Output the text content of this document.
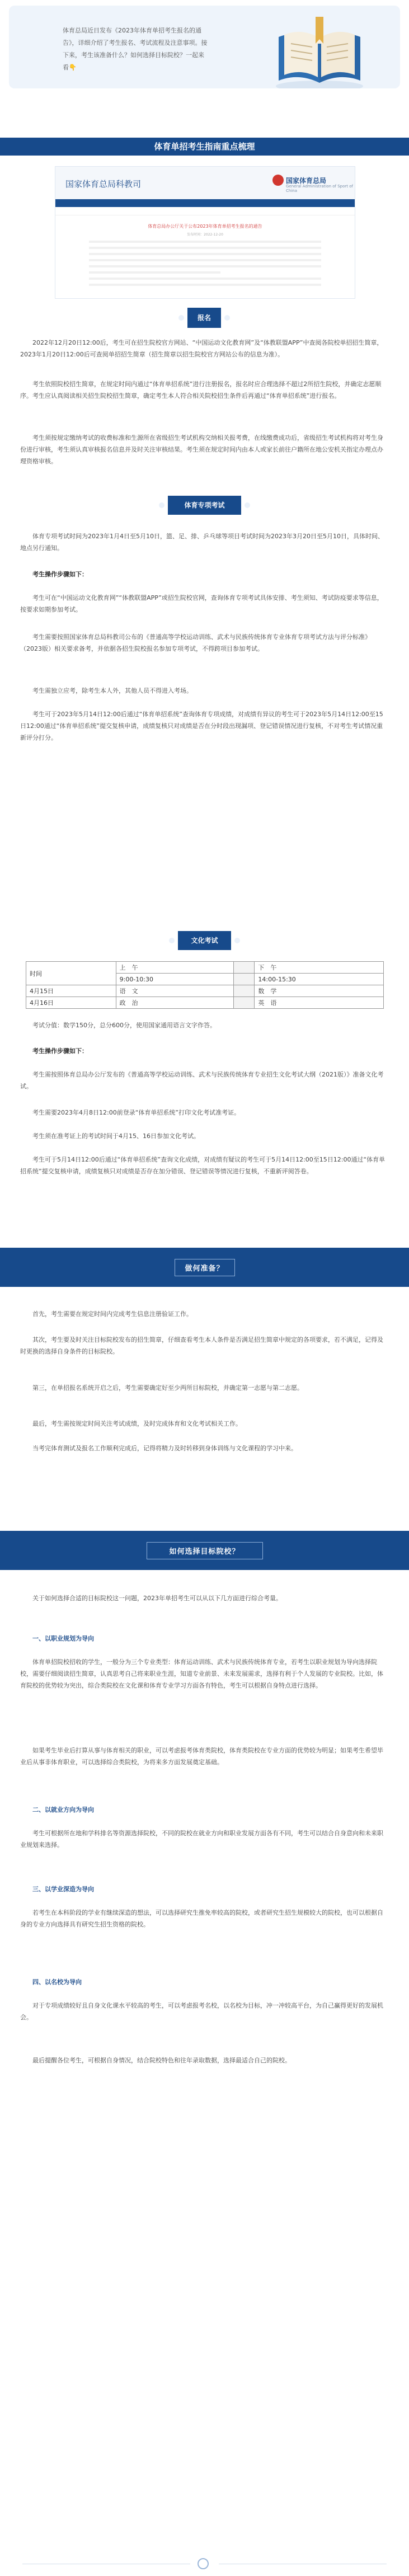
体育总局近日发布《2023年体育单招考生报名的通告》，详细介绍了考生报名、考试流程及注意事项。接下来，考生该准备什么？如何选择目标院校？一起来看👇
体育单招考生指南重点梳理
国家体育总局科教司	国家体育总局
General Administration of Sport of China
体育总局办公厅关于公布2023年体育单招考生报名的通告
发布时间：2022-12-20
报名

2022年12月20日12:00后，考生可在招生院校官方网站、“中国运动文化教育网”及“体教联盟APP”中查阅各院校单招招生简章，2023年1月20日12:00后可查阅单招招生简章（招生简章以招生院校官方网站公布的信息为准）。

考生依照院校招生简章，在规定时间内通过“体育单招系统”进行注册报名，报名时应合理选择不超过2所招生院校，并确定志愿顺序。考生应认真阅读相关招生院校招生简章，确定考生本人符合相关院校招生条件后再通过“体育单招系统”进行报名。

考生须按规定缴纳考试的收费标准和生源所在省级招生考试机构交纳相关报考费，在线缴费成功后，省级招生考试机构将对考生身份进行审核，考生须认真审核报名信息并及时关注审核结果。考生须在规定时间内由本人或家长前往户籍所在地公安机关指定办理点办理资格审核。

体育专项考试

体育专项考试时间为2023年1月4日至5月10日，篮、足、排、乒乓球等项目考试时间为2023年3月20日至5月10日，具体时间、地点另行通知。

考生操作步骤如下：

考生可在“中国运动文化教育网”“体教联盟APP”或招生院校官网，查询体育专项考试具体安排、考生须知、考试防疫要求等信息，按要求如期参加考试。

考生需要按照国家体育总局科教司公布的《普通高等学校运动训练、武术与民族传统体育专业体育专项考试方法与评分标准》（2023版）相关要求备考，并依据各招生院校报名参加专项考试，不得跨项目参加考试。

考生需独立应考，除考生本人外，其他人员不得进入考场。

考生可于2023年5月14日12:00后通过“体育单招系统”查询体育专项成绩，对成绩有异议的考生可于2023年5月14日12:00至15日12:00通过“体育单招系统”提交复核申请，成绩复核只对成绩是否在分时段出现漏项、登记错误情况进行复核，不对考生考试情况重新评分打分。

文化考试
时间	上　午		下　午
	9:00-10:30		14:00-15:30
4月15日	语　文		数　学
4月16日	政　治		英　语

考试分值：数学150分，总分600分，使用国家通用语言文字作答。

考生操作步骤如下：

考生需按照体育总局办公厅发布的《普通高等学校运动训练、武术与民族传统体育专业招生文化考试大纲（2021版）》准备文化考试。

考生需要2023年4月8日12:00前登录“体育单招系统”打印文化考试准考证。

考生须在准考证上的考试时间于4月15、16日参加文化考试。

考生可于5月14日12:00后通过“体育单招系统”查询文化成绩，对成绩有疑议的考生可于5月14日12:00至15日12:00通过“体育单招系统”提交复核申请，成绩复核只对成绩是否存在加分错误、登记错误等情况进行复核，不重新评阅答卷。

做何准备？

首先，考生需要在规定时间内完成考生信息注册验证工作。

其次，考生要及时关注目标院校发布的招生简章，仔细查看考生本人条件是否满足招生简章中规定的各项要求，若不满足，记得及时更换的选择自身条件的目标院校。

第三，在单招报名系统开启之后，考生需要确定好至少两所目标院校，并确定第一志愿与第二志愿。

最后，考生需按规定时间关注考试成绩，及时完成体育和文化考试相关工作。

当考完体育测试及报名工作顺利完成后，记得将精力及时转移到身体训练与文化课程的学习中来。

如何选择目标院校？

关于如何选择合适的目标院校这一问题，2023年单招考生可以从以下几方面进行综合考量。

一、以职业规划为导向

体育单招院校招收的学生，一般分为三个专业类型：体育运动训练、武术与民族传统体育专业，若考生以职业规划为导向选择院校，需要仔细阅读招生简章，认真思考自己将来职业生涯，知道专业前景、未来发展需求，选择有利于个人发展的专业院校。比如，体育院校的优势较为突出，综合类院校在文化课和体育专业学习方面各有特色，考生可以根据自身特点进行选择。

如果考生毕业后打算从事与体育相关的职业，可以考虑报考体育类院校，体育类院校在专业方面的优势较为明显；如果考生希望毕业后从事非体育职业，可以选择综合类院校，为将来多方面发展奠定基础。

二、以就业方向为导向

考生可根据所在地和学科排名等资源选择院校，不同的院校在就业方向和职业发展方面各有不同，考生可以结合自身意向和未来职业规划来选择。

三、以学业深造为导向

若考生在本科阶段的学业有继续深造的想法，可以选择研究生推免率较高的院校，或者研究生招生规模较大的院校，也可以根据自身的专业方向选择具有研究生招生资格的院校。

四、以名校为导向

对于专项成绩较好且自身文化课水平较高的考生，可以考虑报考名校，以名校为目标，冲一冲较高平台，为自己赢得更好的发展机会。

最后提醒各位考生，可根据自身情况，结合院校特色和往年录取数据，选择最适合自己的院校。
